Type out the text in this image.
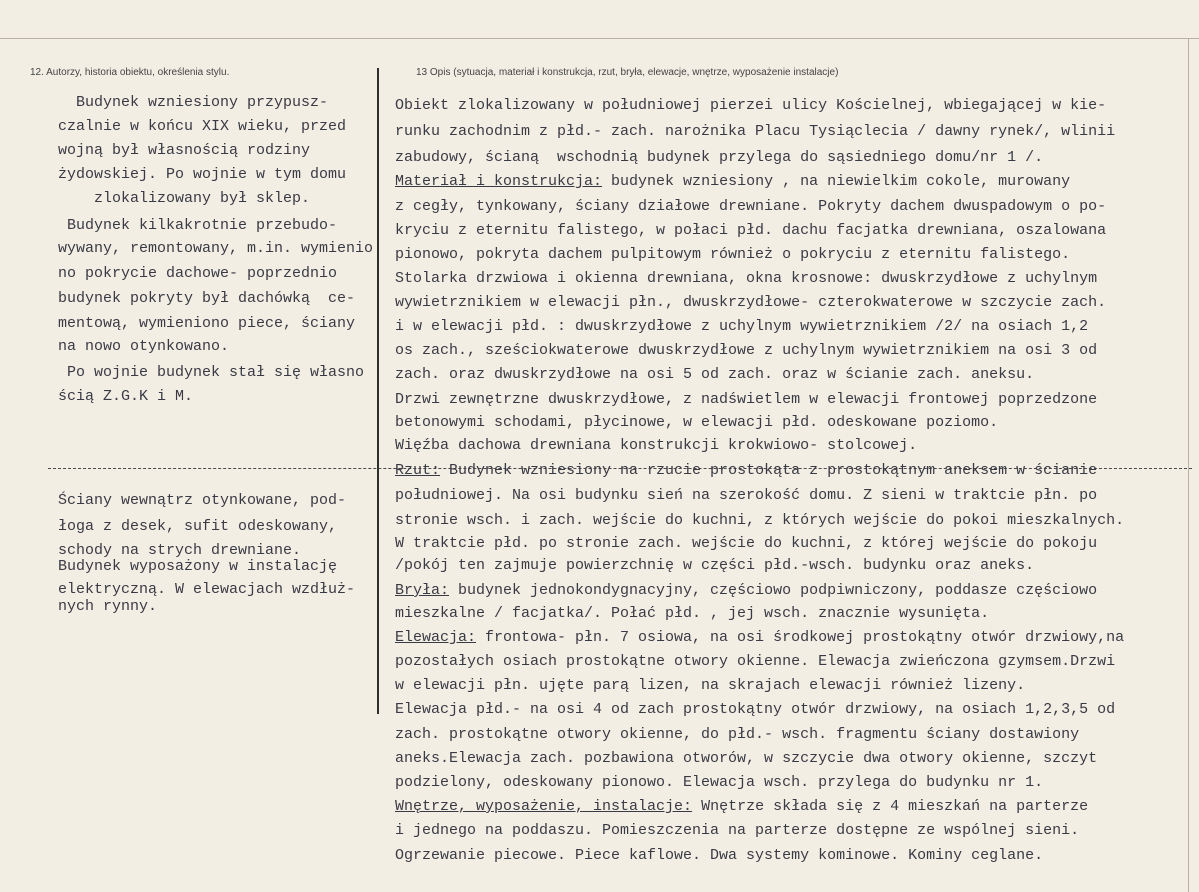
12. Autorzy, historia obiektu, określenia stylu.	13 Opis (sytuacja, materiał i konstrukcja, rzut, bryła, elewacje, wnętrze, wyposażenie instalacje)
Budynek wzniesiony przypusz-
czalnie w końcu XIX wieku, przed
wojną był własnością rodziny
żydowskiej. Po wojnie w tym domu
zlokalizowany był sklep.
Budynek kilkakrotnie przebudo-
wywany, remontowany, m.in. wymienio
no pokrycie dachowe- poprzednio
budynek pokryty był dachówką  ce-
mentową, wymieniono piece, ściany
na nowo otynkowano.
Po wojnie budynek stał się własno
ścią Z.G.K i M.
Ściany wewnątrz otynkowane, pod-
łoga z desek, sufit odeskowany,
schody na strych drewniane.
Budynek wyposażony w instalację
elektryczną. W elewacjach wzdłuż-
nych rynny.
Obiekt zlokalizowany w południowej pierzei ulicy Kościelnej, wbiegającej w kie-
runku zachodnim z płd.- zach. narożnika Placu Tysiąclecia / dawny rynek/, wlinii
zabudowy, ścianą  wschodnią budynek przylega do sąsiedniego domu/nr 1 /.
Materiał i konstrukcja: budynek wzniesiony , na niewielkim cokole, murowany
z cegły, tynkowany, ściany działowe drewniane. Pokryty dachem dwuspadowym o po-
kryciu z eternitu falistego, w połaci płd. dachu facjatka drewniana, oszalowana
pionowo, pokryta dachem pulpitowym również o pokryciu z eternitu falistego.
Stolarka drzwiowa i okienna drewniana, okna krosnowe: dwuskrzydłowe z uchylnym
wywietrznikiem w elewacji płn., dwuskrzydłowe- czterokwaterowe w szczycie zach.
i w elewacji płd. : dwuskrzydłowe z uchylnym wywietrznikiem /2/ na osiach 1,2
os zach., sześciokwaterowe dwuskrzydłowe z uchylnym wywietrznikiem na osi 3 od
zach. oraz dwuskrzydłowe na osi 5 od zach. oraz w ścianie zach. aneksu.
Drzwi zewnętrzne dwuskrzydłowe, z nadświetlem w elewacji frontowej poprzedzone
betonowymi schodami, płycinowe, w elewacji płd. odeskowane poziomo.
Więźba dachowa drewniana konstrukcji krokwiowo- stolcowej.
Rzut: Budynek wzniesiony na rzucie prostokąta z prostokątnym aneksem w ścianie
południowej. Na osi budynku sień na szerokość domu. Z sieni w traktcie płn. po
stronie wsch. i zach. wejście do kuchni, z których wejście do pokoi mieszkalnych.
W traktcie płd. po stronie zach. wejście do kuchni, z której wejście do pokoju
/pokój ten zajmuje powierzchnię w części płd.-wsch. budynku oraz aneks.
Bryła: budynek jednokondygnacyjny, częściowo podpiwniczony, poddasze częściowo
mieszkalne / facjatka/. Połać płd. , jej wsch. znacznie wysunięta.
Elewacja: frontowa- płn. 7 osiowa, na osi środkowej prostokątny otwór drzwiowy,na
pozostałych osiach prostokątne otwory okienne. Elewacja zwieńczona gzymsem.Drzwi
w elewacji płn. ujęte parą lizen, na skrajach elewacji również lizeny.
Elewacja płd.- na osi 4 od zach prostokątny otwór drzwiowy, na osiach 1,2,3,5 od
zach. prostokątne otwory okienne, do płd.- wsch. fragmentu ściany dostawiony
aneks.Elewacja zach. pozbawiona otworów, w szczycie dwa otwory okienne, szczyt
podzielony, odeskowany pionowo. Elewacja wsch. przylega do budynku nr 1.
Wnętrze, wyposażenie, instalacje: Wnętrze składa się z 4 mieszkań na parterze
i jednego na poddaszu. Pomieszczenia na parterze dostępne ze wspólnej sieni.
Ogrzewanie piecowe. Piece kaflowe. Dwa systemy kominowe. Kominy ceglane.
